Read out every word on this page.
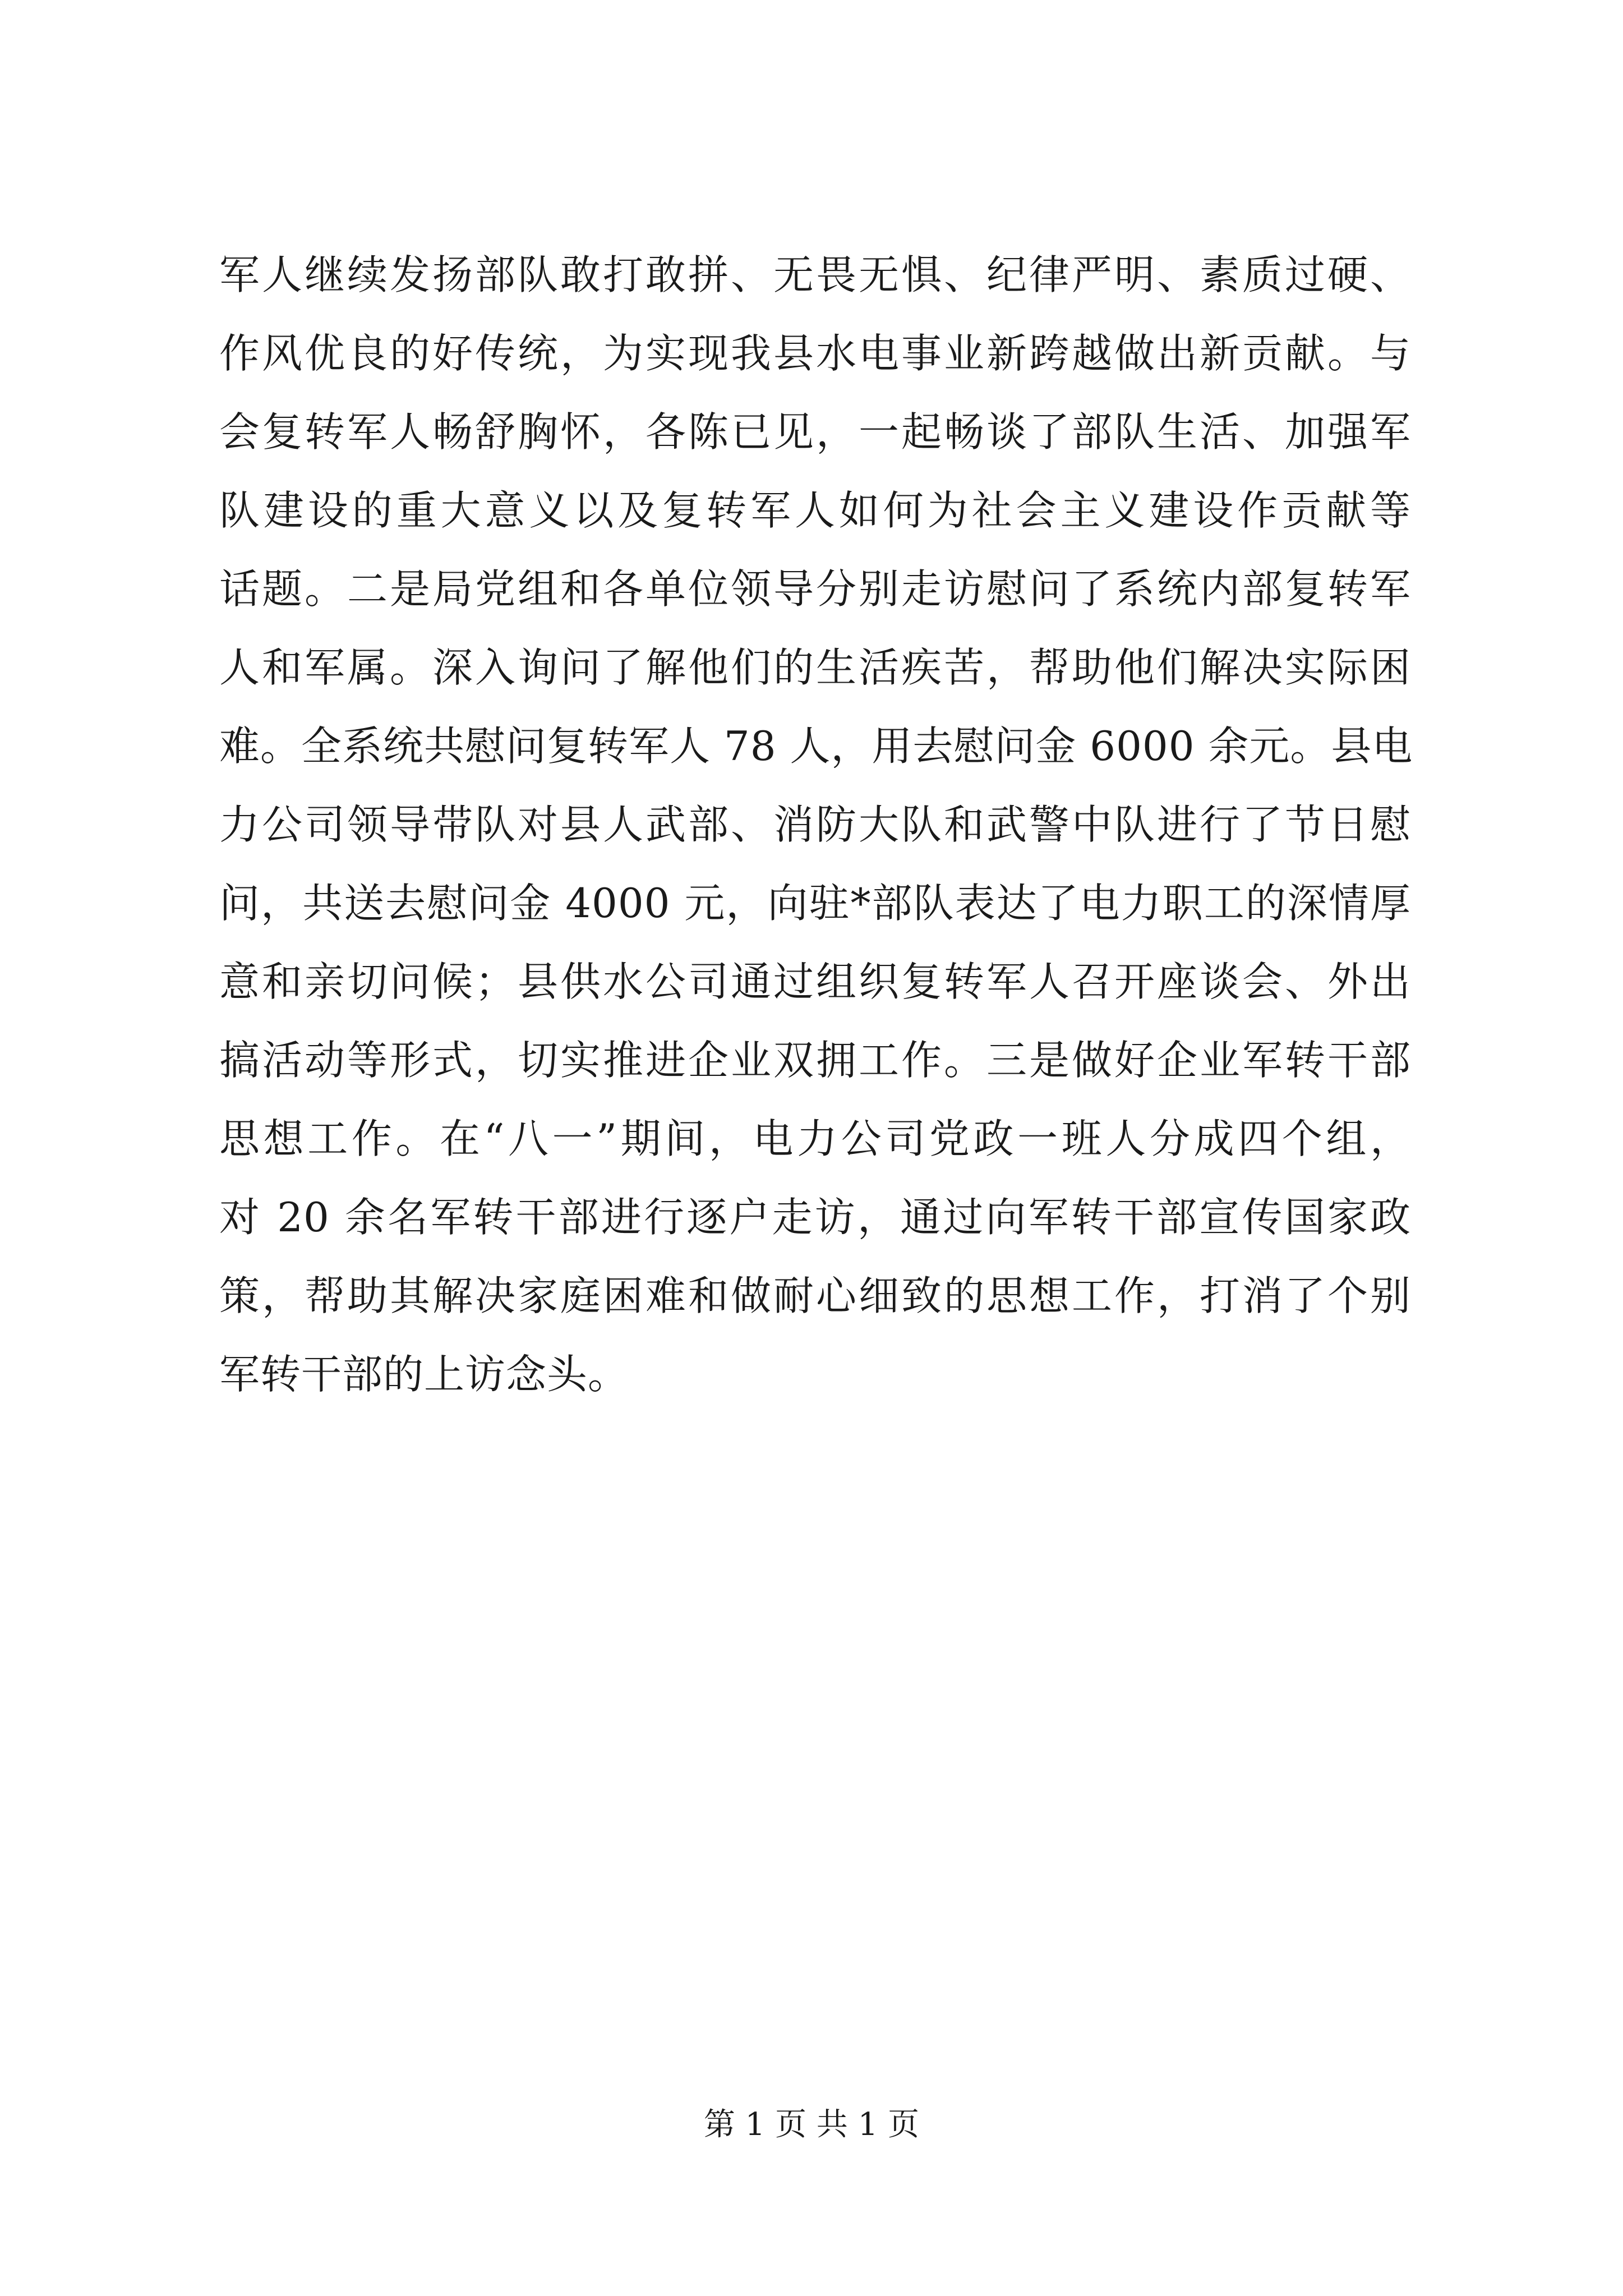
军人继续发扬部队敢打敢拼、无畏无惧、纪律严明、素质过硬、
作风优良的好传统，为实现我县水电事业新跨越做出新贡献。与
会复转军人畅舒胸怀，各陈已见，一起畅谈了部队生活、加强军
队建设的重大意义以及复转军人如何为社会主义建设作贡献等
话题。二是局党组和各单位领导分别走访慰问了系统内部复转军
人和军属。深入询问了解他们的生活疾苦，帮助他们解决实际困
难。全系统共慰问复转军人 78 人，用去慰问金 6000 余元。县电
力公司领导带队对县人武部、消防大队和武警中队进行了节日慰
问，共送去慰问金 4000 元，向驻*部队表达了电力职工的深情厚
意和亲切问候；县供水公司通过组织复转军人召开座谈会、外出
搞活动等形式，切实推进企业双拥工作。三是做好企业军转干部
思想工作。在“八一”期间，电力公司党政一班人分成四个组，
对 20 余名军转干部进行逐户走访，通过向军转干部宣传国家政
策，帮助其解决家庭困难和做耐心细致的思想工作，打消了个别
军转干部的上访念头。
第 1 页 共 1 页
